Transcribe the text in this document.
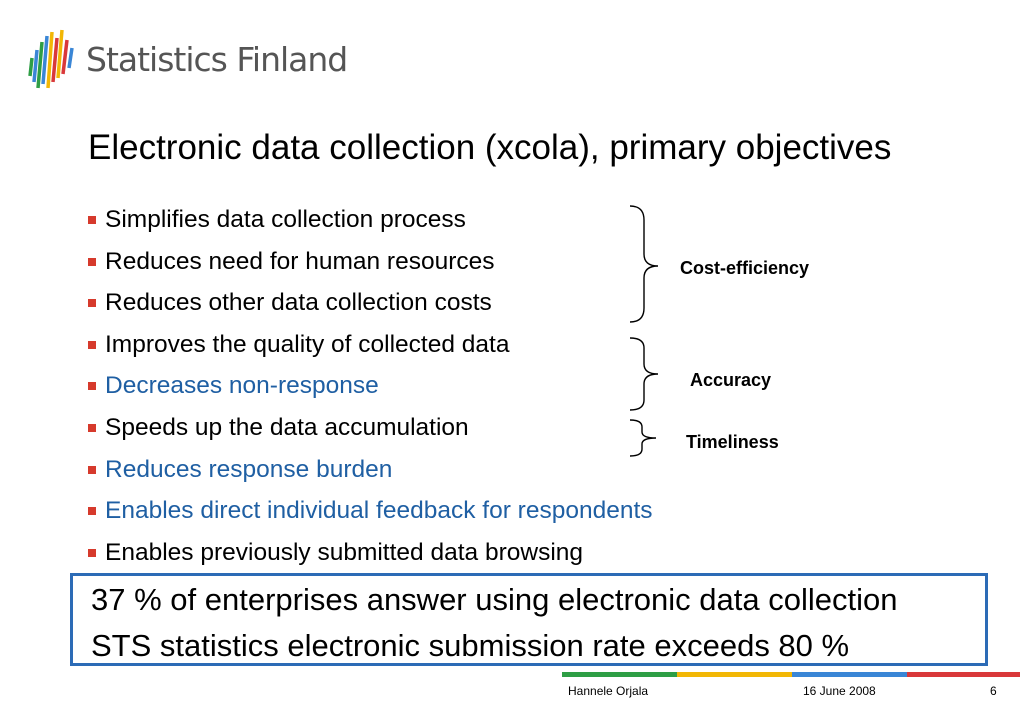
Statistics Finland
Electronic data collection (xcola), primary objectives
Simplifies data collection process
Reduces need for human resources
Reduces other data collection costs
Improves the quality of collected data
Decreases non-response
Speeds up the data accumulation
Reduces response burden
Enables direct individual feedback for respondents
Enables previously submitted data browsing
Cost-efficiency
Accuracy
Timeliness
37 % of enterprises answer using electronic data collection
STS statistics electronic submission rate exceeds 80 %
Hannele Orjala	16 June 2008	6
